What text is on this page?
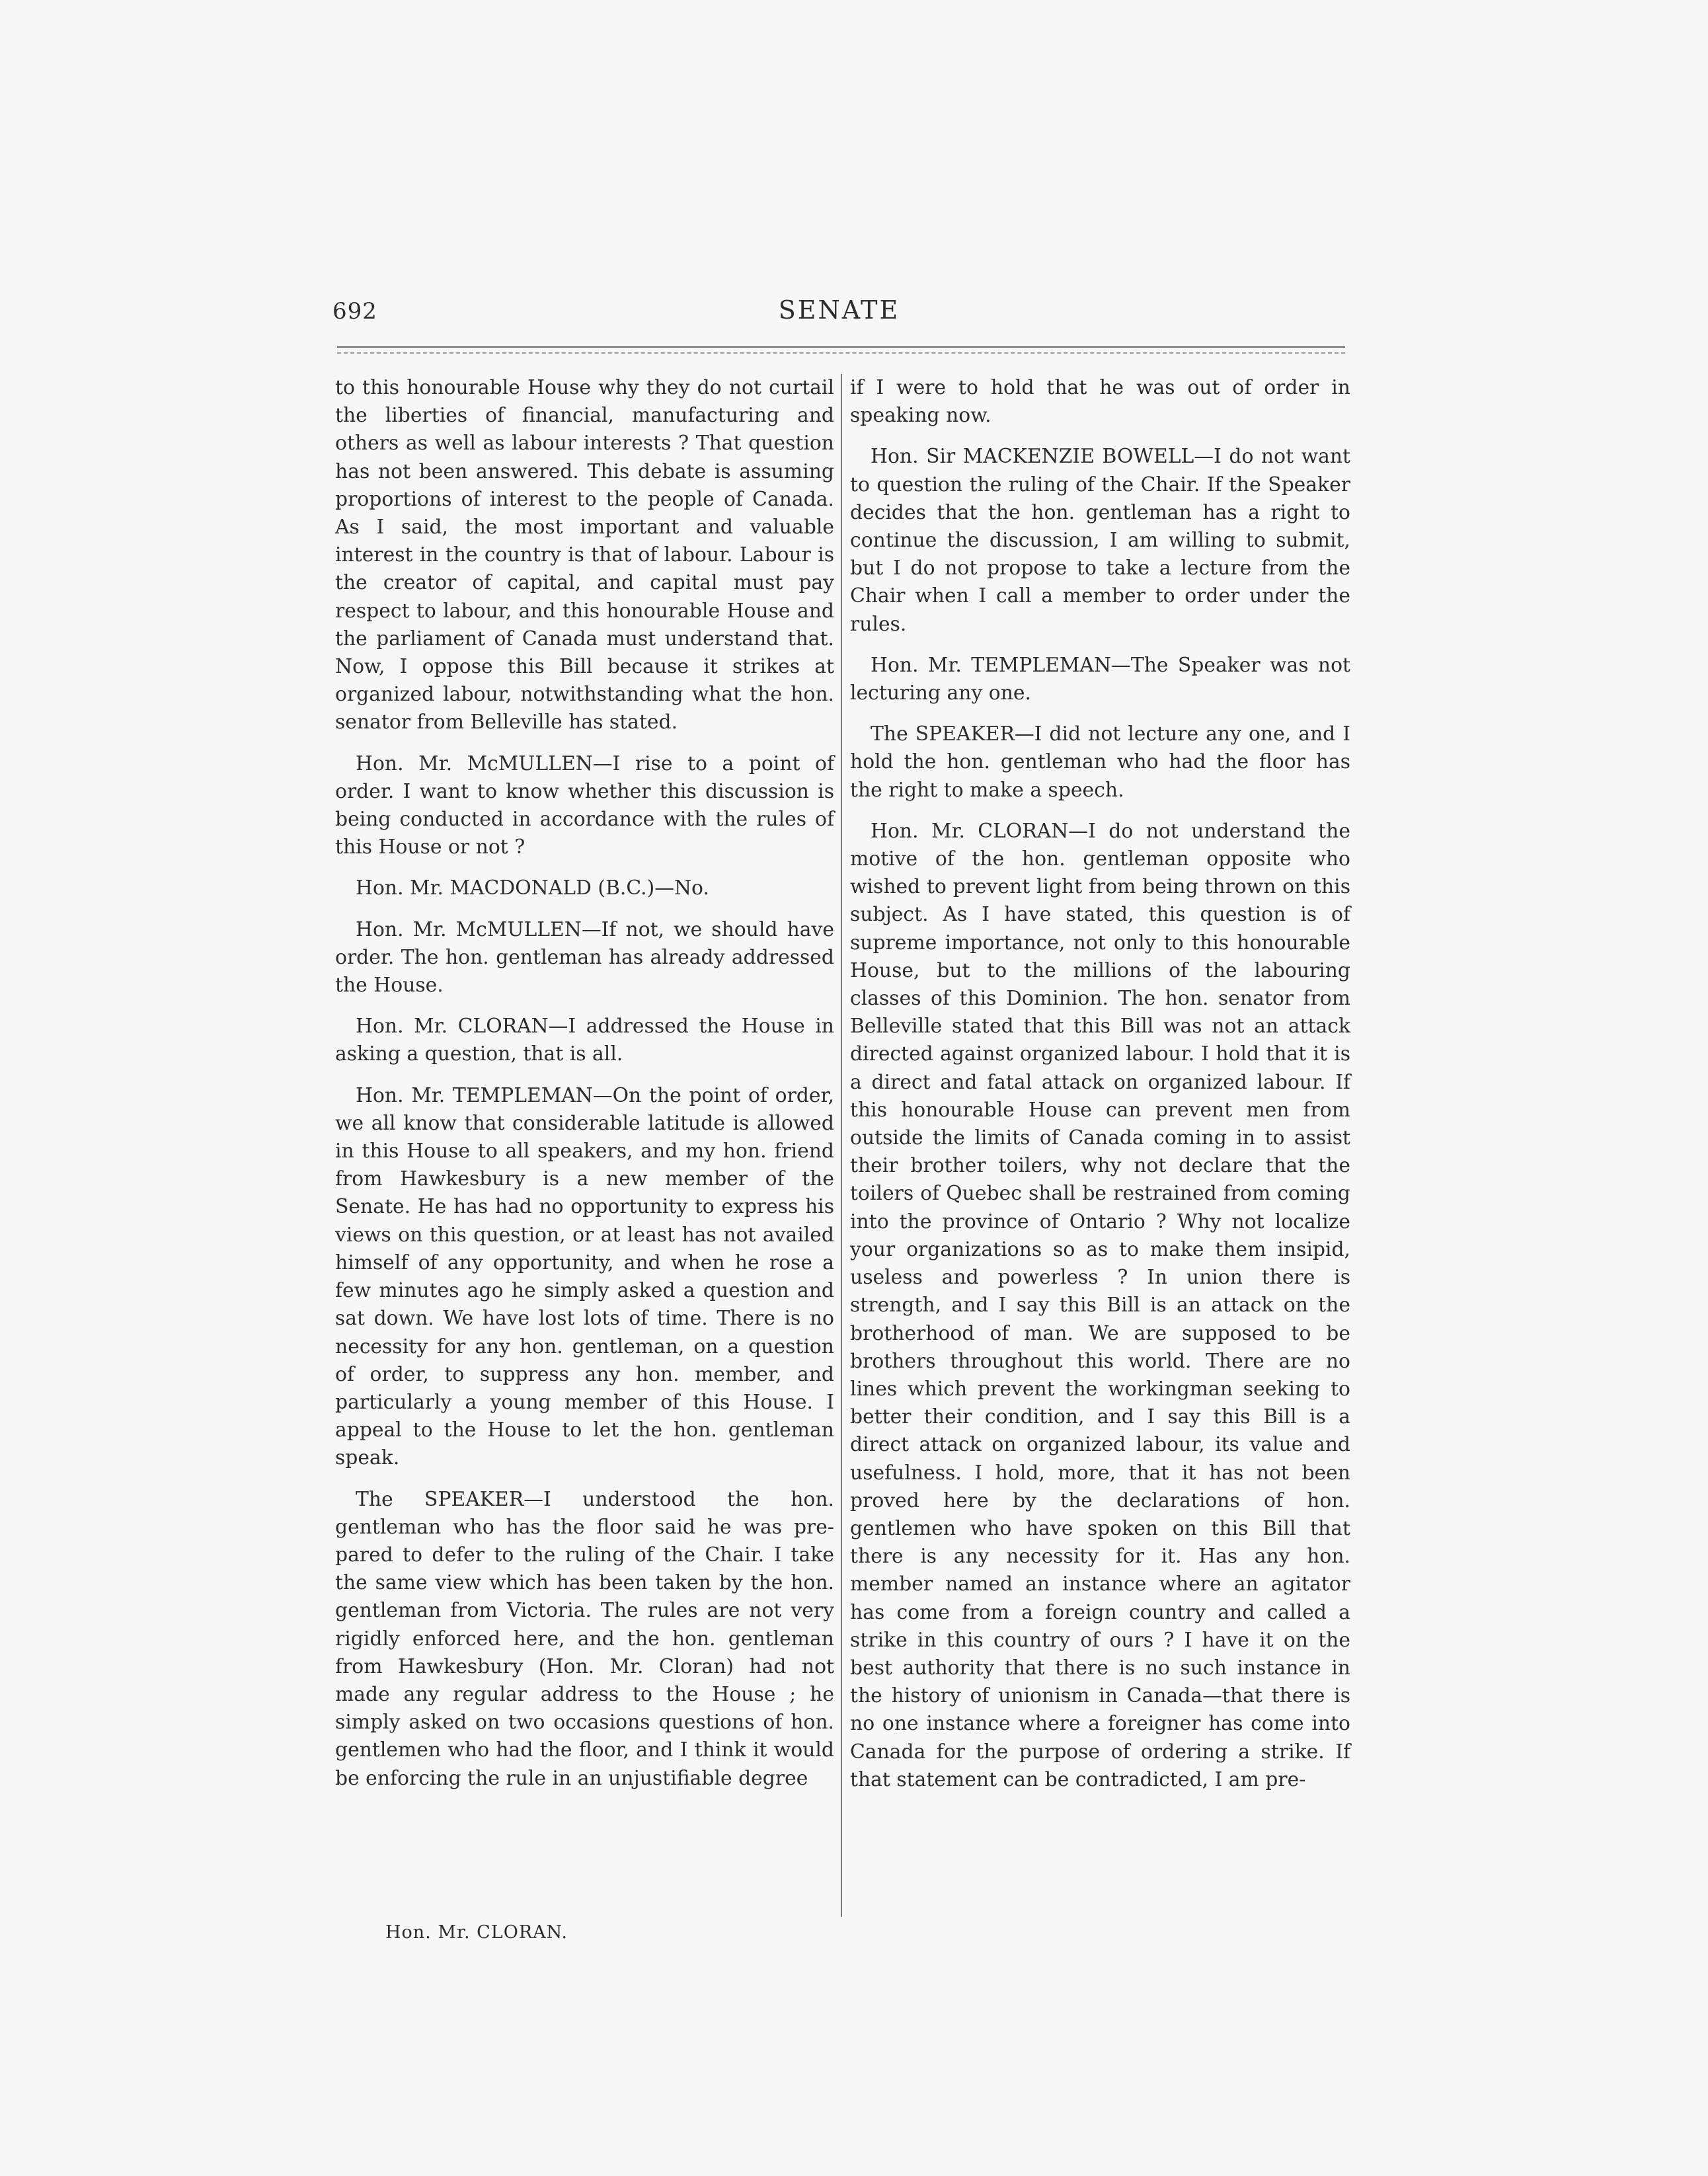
692	SENATE

to this honourable House why they do not curtail the liberties of financial, manufacturing and others as well as labour interests ? That question has not been answered. This debate is assuming proportions of interest to the people of Canada. As I said, the most important and valuable interest in the country is that of labour. Labour is the creator of capital, and capital must pay respect to labour, and this honourable House and the parliament of Canada must understand that. Now, I oppose this Bill because it strikes at organized labour, notwithstanding what the hon. senator from Belleville has stated.

Hon. Mr. McMULLEN—I rise to a point of order. I want to know whether this discussion is being conducted in accordance with the rules of this House or not ?

Hon. Mr. MACDONALD (B.C.)—No.

Hon. Mr. McMULLEN—If not, we should have order. The hon. gentleman has already addressed the House.

Hon. Mr. CLORAN—I addressed the House in asking a question, that is all.

Hon. Mr. TEMPLEMAN—On the point of order, we all know that considerable latitude is allowed in this House to all speakers, and my hon. friend from Hawkesbury is a new member of the Senate. He has had no opportunity to express his views on this question, or at least has not availed himself of any opportunity, and when he rose a few minutes ago he simply asked a question and sat down. We have lost lots of time. There is no necessity for any hon. gentleman, on a question of order, to suppress any hon. member, and particularly a young member of this House. I appeal to the House to let the hon. gentleman speak.

The SPEAKER—I understood the hon. gentleman who has the floor said he was prepared to defer to the ruling of the Chair. I take the same view which has been taken by the hon. gentleman from Victoria. The rules are not very rigidly enforced here, and the hon. gentleman from Hawkesbury (Hon. Mr. Cloran) had not made any regular address to the House ; he simply asked on two occasions questions of hon. gentlemen who had the floor, and I think it would be enforcing the rule in an unjustifiable degree

if I were to hold that he was out of order in speaking now.

Hon. Sir MACKENZIE BOWELL—I do not want to question the ruling of the Chair. If the Speaker decides that the hon. gentleman has a right to continue the discussion, I am willing to submit, but I do not propose to take a lecture from the Chair when I call a member to order under the rules.

Hon. Mr. TEMPLEMAN—The Speaker was not lecturing any one.

The SPEAKER—I did not lecture any one, and I hold the hon. gentleman who had the floor has the right to make a speech.

Hon. Mr. CLORAN—I do not understand the motive of the hon. gentleman opposite who wished to prevent light from being thrown on this subject. As I have stated, this question is of supreme importance, not only to this honourable House, but to the millions of the labouring classes of this Dominion. The hon. senator from Belleville stated that this Bill was not an attack directed against organized labour. I hold that it is a direct and fatal attack on organized labour. If this honourable House can prevent men from outside the limits of Canada coming in to assist their brother toilers, why not declare that the toilers of Quebec shall be restrained from coming into the province of Ontario ? Why not localize your organizations so as to make them insipid, useless and powerless ? In union there is strength, and I say this Bill is an attack on the brotherhood of man. We are supposed to be brothers throughout this world. There are no lines which prevent the workingman seeking to better their condition, and I say this Bill is a direct attack on organized labour, its value and usefulness. I hold, more, that it has not been proved here by the declarations of hon. gentlemen who have spoken on this Bill that there is any necessity for it. Has any hon. member named an instance where an agitator has come from a foreign country and called a strike in this country of ours ? I have it on the best authority that there is no such instance in the history of unionism in Canada—that there is no one instance where a foreigner has come into Canada for the purpose of ordering a strike. If that statement can be contradicted, I am pre-

Hon. Mr. CLORAN.
